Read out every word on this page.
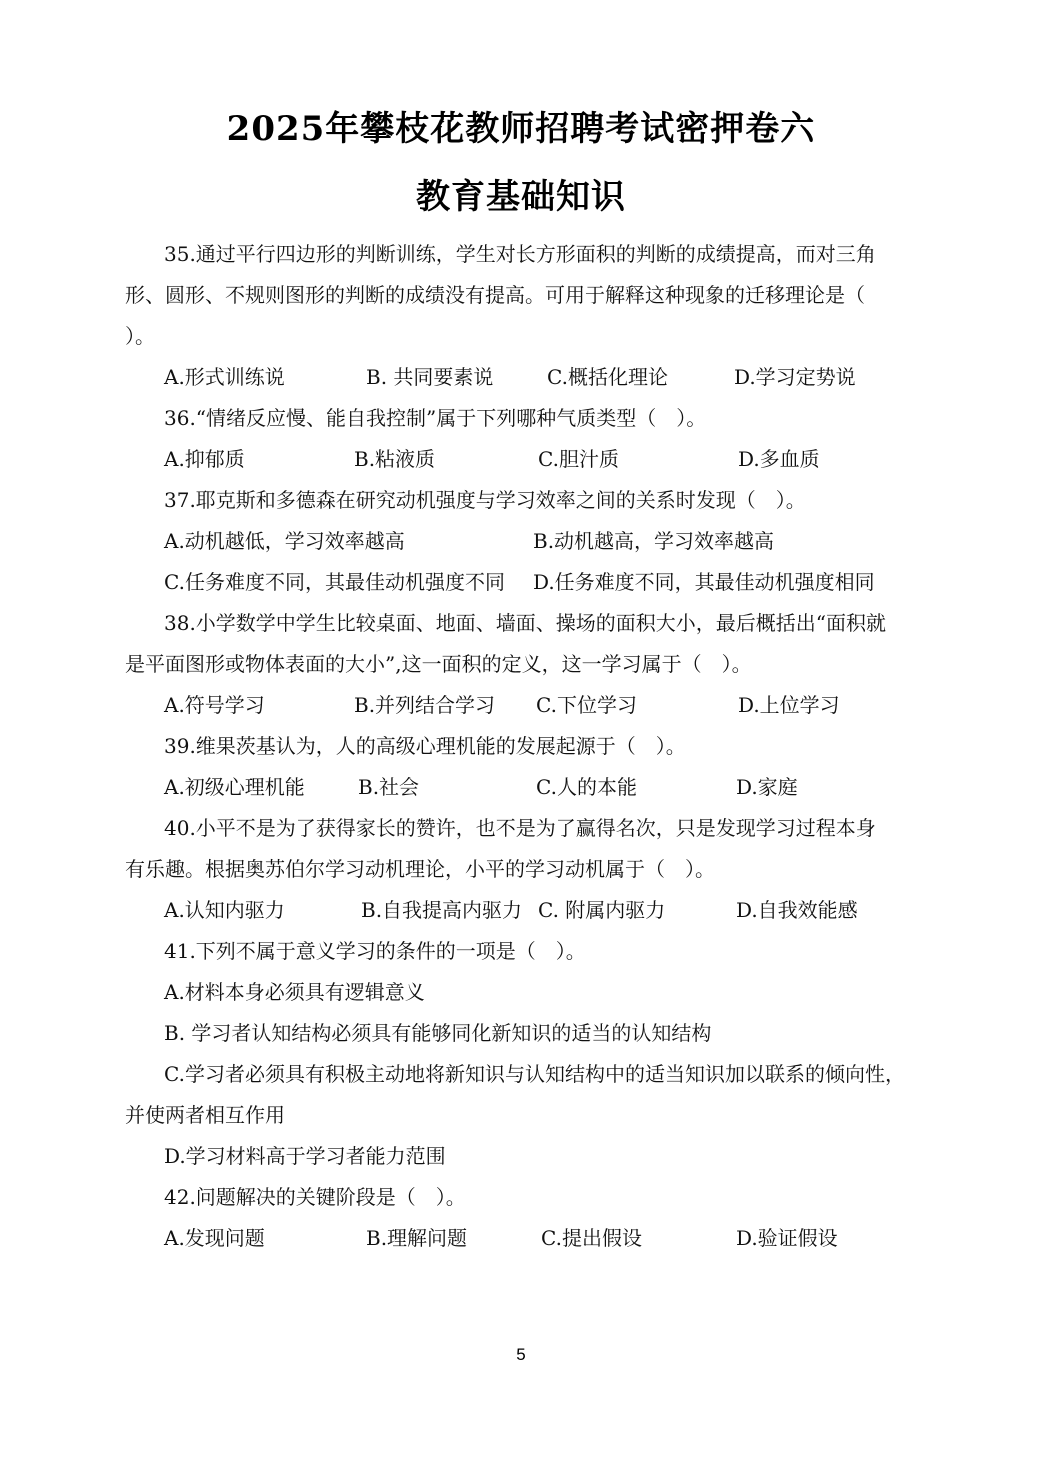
2025年攀枝花教师招聘考试密押卷六
教育基础知识
35.通过平行四边形的判断训练，学生对长方形面积的判断的成绩提高，而对三角
形、圆形、不规则图形的判断的成绩没有提高。可用于解释这种现象的迁移理论是（
）。
A.形式训练说	B. 共同要素说	C.概括化理论	D.学习定势说
36.“情绪反应慢、能自我控制”属于下列哪种气质类型（　）。
A.抑郁质	B.粘液质	C.胆汁质	D.多血质
37.耶克斯和多德森在研究动机强度与学习效率之间的关系时发现（　）。
A.动机越低，学习效率越高	B.动机越高，学习效率越高
C.任务难度不同，其最佳动机强度不同 D.任务难度不同，其最佳动机强度相同
38.小学数学中学生比较桌面、地面、墙面、操场的面积大小，最后概括出“面积就
是平面图形或物体表面的大小”,这一面积的定义，这一学习属于（　）。
A.符号学习	B.并列结合学习 C.下位学习	D.上位学习
39.维果茨基认为，人的高级心理机能的发展起源于（　）。
A.初级心理机能	B.社会	C.人的本能	D.家庭
40.小平不是为了获得家长的赞许，也不是为了赢得名次，只是发现学习过程本身
有乐趣。根据奥苏伯尔学习动机理论，小平的学习动机属于（　）。
A.认知内驱力	B.自我提高内驱力 C. 附属内驱力	D.自我效能感
41.下列不属于意义学习的条件的一项是（　）。
A.材料本身必须具有逻辑意义
B. 学习者认知结构必须具有能够同化新知识的适当的认知结构
C.学习者必须具有积极主动地将新知识与认知结构中的适当知识加以联系的倾向性，
并使两者相互作用
D.学习材料高于学习者能力范围
42.问题解决的关键阶段是（　）。
A.发现问题	B.理解问题	C.提出假设	D.验证假设
5
